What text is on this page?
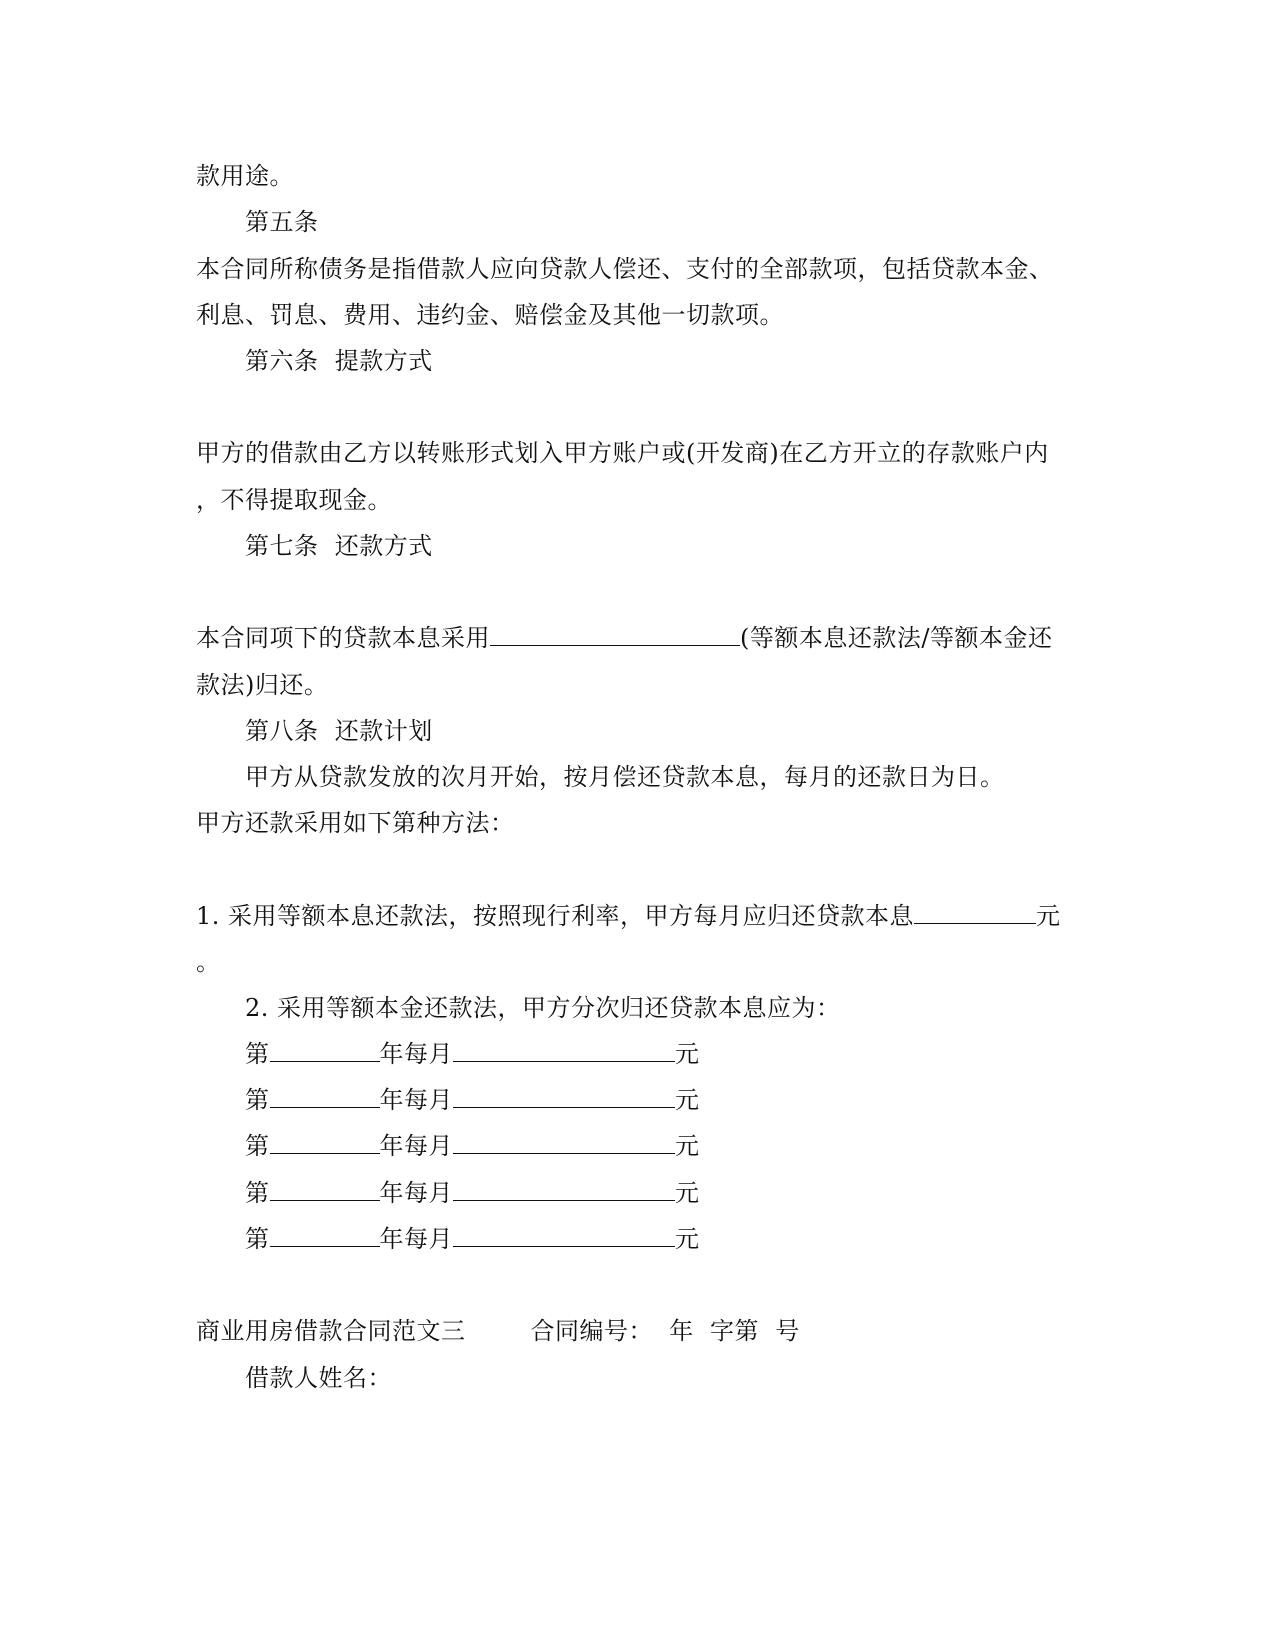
款用途。
第五条
本合同所称债务是指借款人应向贷款人偿还、支付的全部款项，包括贷款本金、
利息、罚息、费用、违约金、赔偿金及其他一切款项。
第六条  提款方式
甲方的借款由乙方以转账形式划入甲方账户或(开发商)在乙方开立的存款账户内
，不得提取现金。
第七条  还款方式
本合同项下的贷款本息采用	(等额本息还款法/等额本金还
款法)归还。
第八条  还款计划
甲方从贷款发放的次月开始，按月偿还贷款本息，每月的还款日为日。
甲方还款采用如下第种方法：
1. 采用等额本息还款法，按照现行利率，甲方每月应归还贷款本息	元
。
2. 采用等额本金还款法，甲方分次归还贷款本息应为：
第	年每月	元
第	年每月	元
第	年每月	元
第	年每月	元
第	年每月	元
商业用房借款合同范文三        合同编号：  年  字第  号
借款人姓名：
